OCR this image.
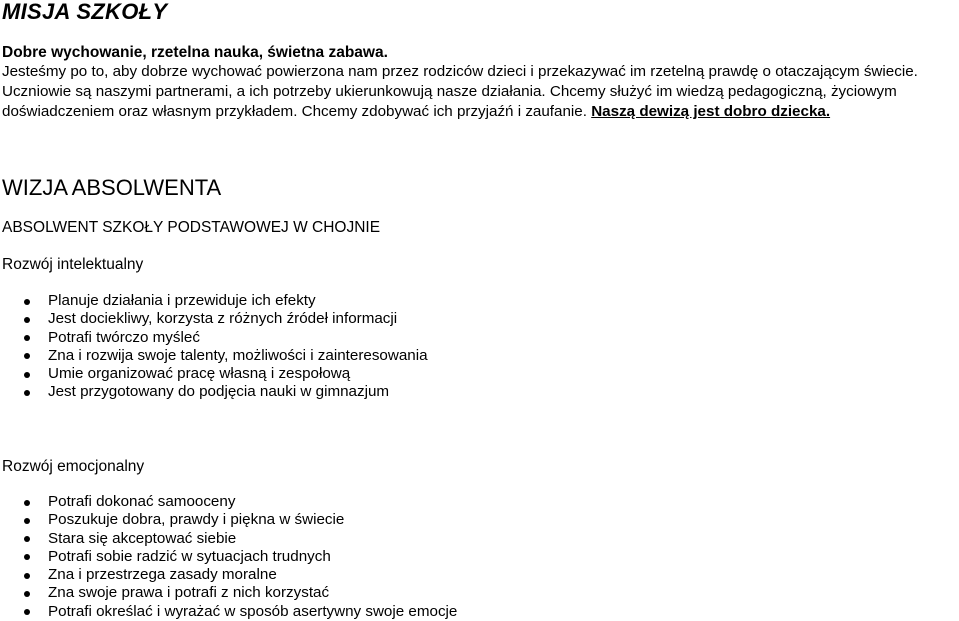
MISJA SZKOŁY

Dobre wychowanie, rzetelna nauka, świetna zabawa.

Jesteśmy po to, aby dobrze wychować powierzona nam przez rodziców dzieci i przekazywać im rzetelną prawdę o otaczającym świecie. Uczniowie są naszymi partnerami, a ich potrzeby ukierunkowują nasze działania. Chcemy służyć im wiedzą pedagogiczną, życiowym doświadczeniem oraz własnym przykładem. Chcemy zdobywać ich przyjaźń i zaufanie. Naszą dewizą jest dobro dziecka.

WIZJA ABSOLWENTA

ABSOLWENT SZKOŁY PODSTAWOWEJ W CHOJNIE

Rozwój intelektualny

Planuje działania i przewiduje ich efekty
Jest dociekliwy, korzysta z różnych źródeł informacji
Potrafi twórczo myśleć
Zna i rozwija swoje talenty, możliwości i zainteresowania
Umie organizować pracę własną i zespołową
Jest przygotowany do podjęcia nauki w gimnazjum

Rozwój emocjonalny

Potrafi dokonać samooceny
Poszukuje dobra, prawdy i piękna w świecie
Stara się akceptować siebie
Potrafi sobie radzić w sytuacjach trudnych
Zna i przestrzega zasady moralne
Zna swoje prawa i potrafi z nich korzystać
Potrafi określać i wyrażać w sposób asertywny swoje emocje
